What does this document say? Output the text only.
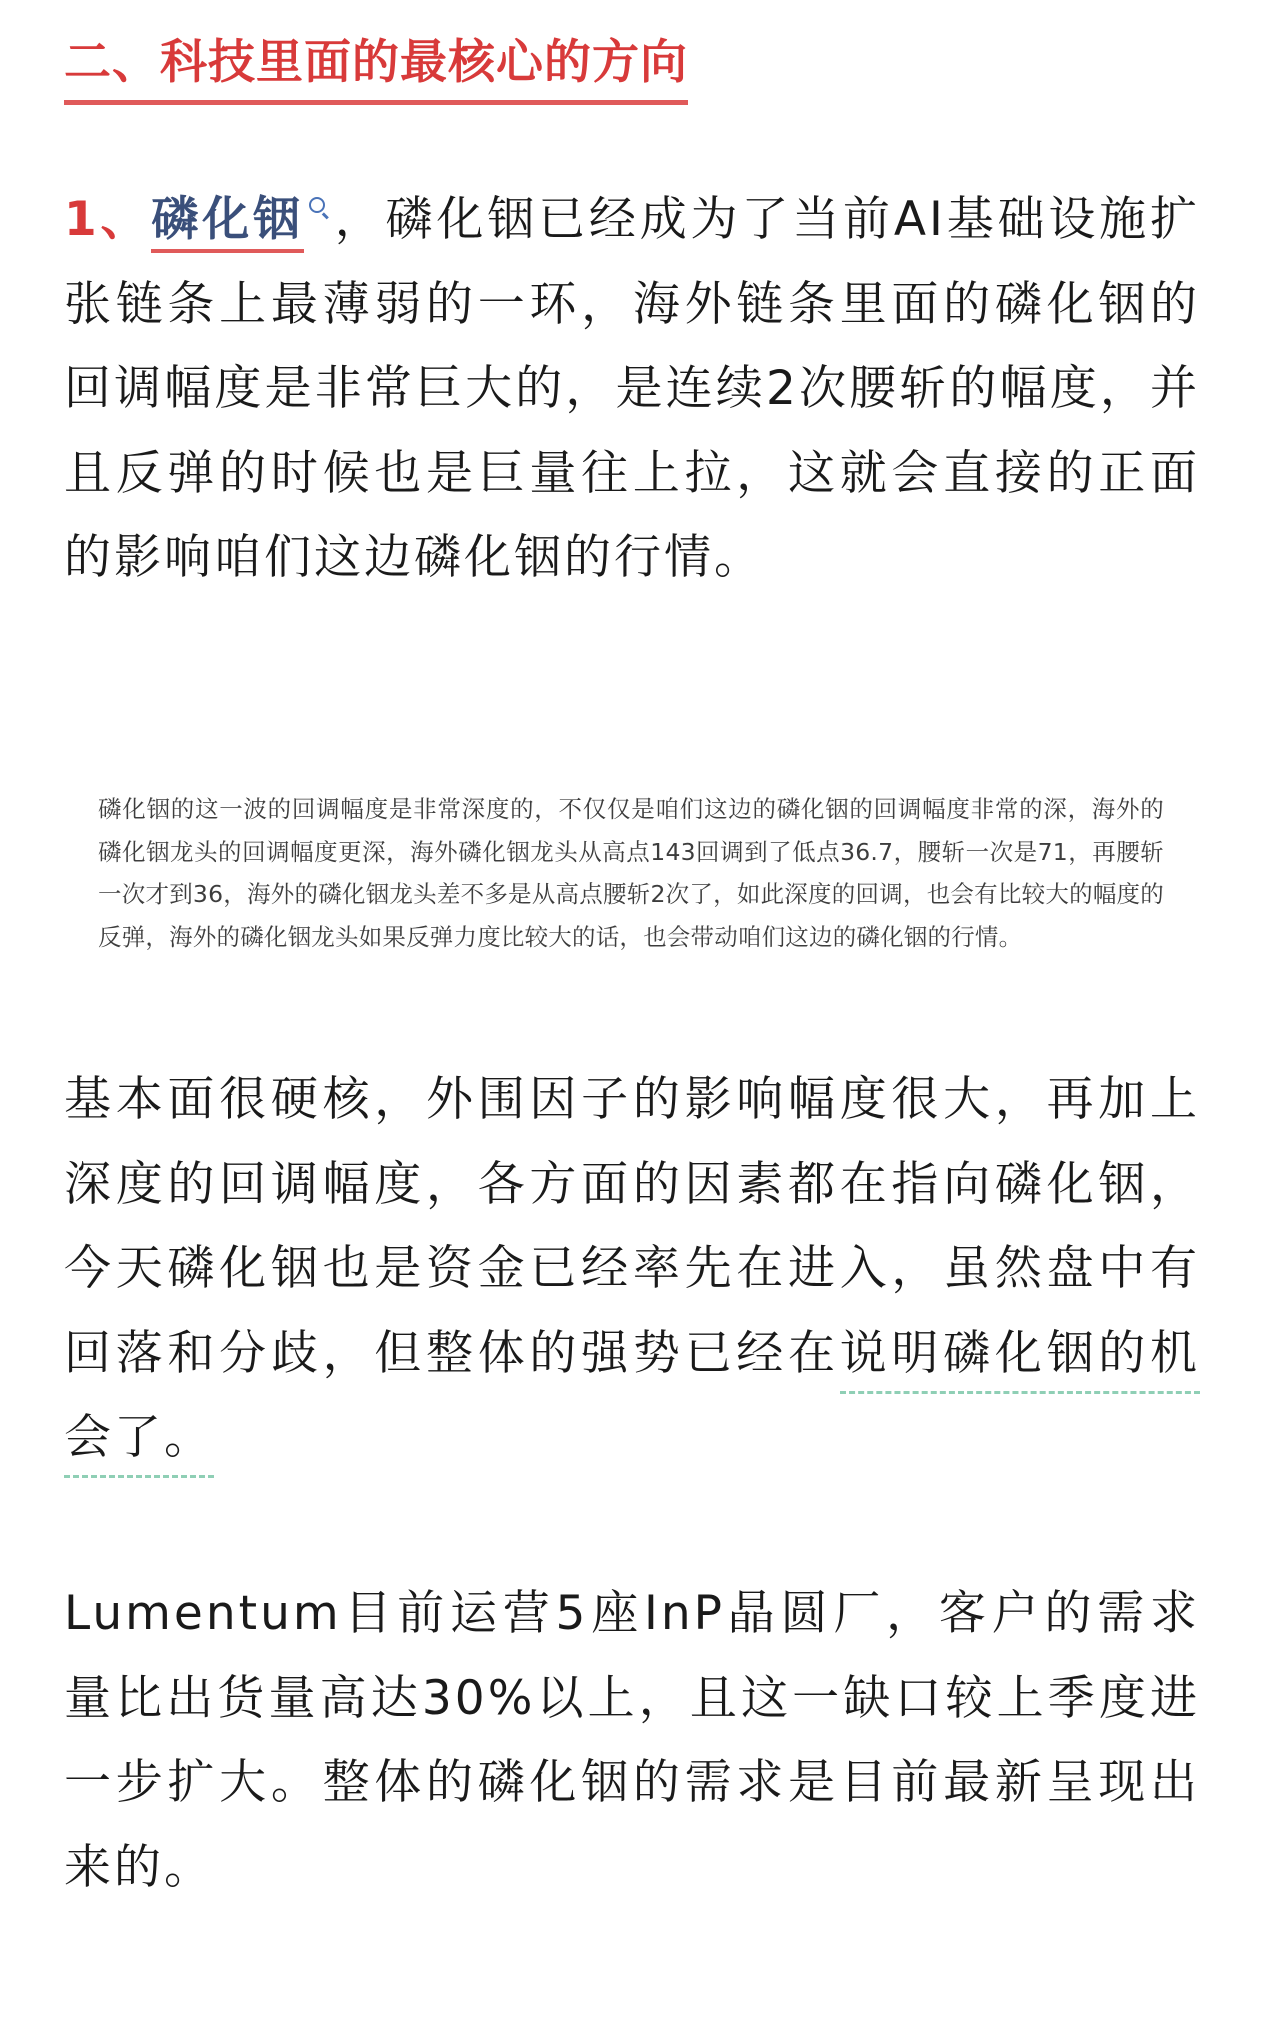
二、科技里面的最核心的方向
1、磷化铟 ，磷化铟已经成为了当前AI基础设施扩张链条上最薄弱的一环，海外链条里面的磷化铟的回调幅度是非常巨大的，是连续2次腰斩的幅度，并且反弹的时候也是巨量往上拉，这就会直接的正面的影响咱们这边磷化铟的行情。
磷化铟的这一波的回调幅度是非常深度的，不仅仅是咱们这边的磷化铟的回调幅度非常的深，海外的磷化铟龙头的回调幅度更深，海外磷化铟龙头从高点143回调到了低点36.7，腰斩一次是71，再腰斩一次才到36，海外的磷化铟龙头差不多是从高点腰斩2次了，如此深度的回调，也会有比较大的幅度的反弹，海外的磷化铟龙头如果反弹力度比较大的话，也会带动咱们这边的磷化铟的行情。
基本面很硬核，外围因子的影响幅度很大，再加上深度的回调幅度，各方面的因素都在指向磷化铟，今天磷化铟也是资金已经率先在进入，虽然盘中有回落和分歧，但整体的强势已经在说明磷化铟的机会了。
Lumentum目前运营5座InP晶圆厂，客户的需求量比出货量高达30%以上，且这一缺口较上季度进一步扩大。整体的磷化铟的需求是目前最新呈现出来的。
